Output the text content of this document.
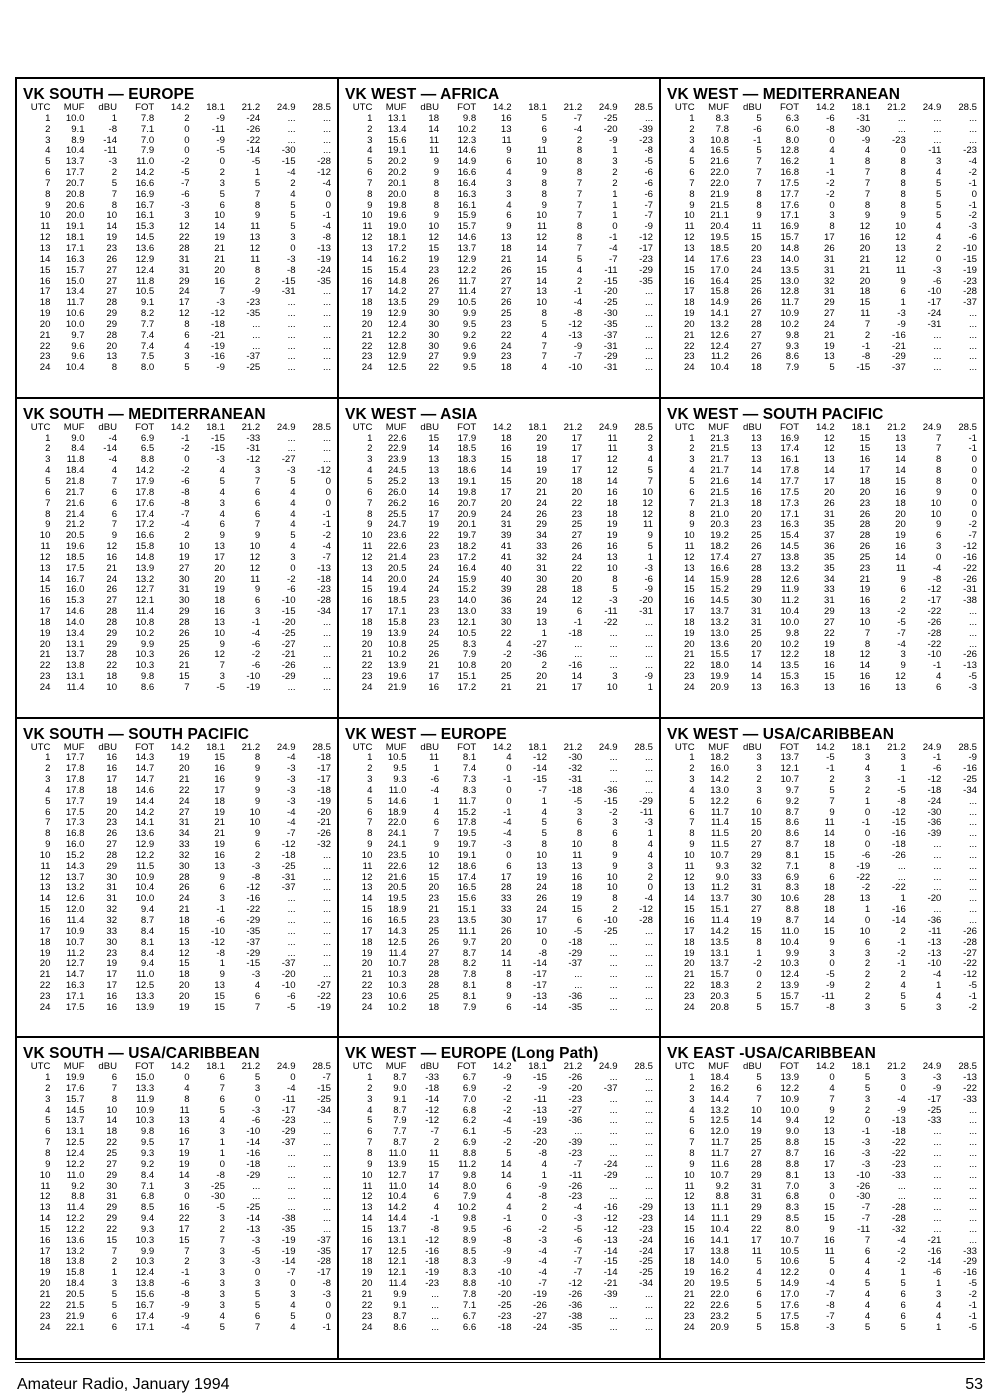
VK SOUTH — EUROPE
UTC	MUF	dBU	FOT	14.2	18.1	21.2	24.9	28.5
1	10.0	1	7.8	2	-9	-24	...	...
2	9.1	-8	7.1	0	-11	-26	...	...
3	8.9	-14	7.0	0	-9	-22	...	...
4	10.4	-11	7.9	0	-5	-14	-30	...
5	13.7	-3	11.0	-2	0	-5	-15	-28
6	17.7	2	14.2	-5	2	1	-4	-12
7	20.7	5	16.6	-7	3	5	2	-4
8	20.8	7	16.9	-6	5	7	4	0
9	20.6	8	16.7	-3	6	8	5	0
10	20.0	10	16.1	3	10	9	5	-1
11	19.1	14	15.3	12	14	11	5	-4
12	18.1	19	14.5	22	19	13	3	-8
13	17.1	23	13.6	28	21	12	0	-13
14	16.3	26	12.9	31	21	11	-3	-19
15	15.7	27	12.4	31	20	8	-8	-24
16	15.0	27	11.8	29	16	2	-15	-35
17	13.4	27	10.5	24	7	-9	-31	...
18	11.7	28	9.1	17	-3	-23	...	...
19	10.6	29	8.2	12	-12	-35	...	...
20	10.0	29	7.7	8	-18	...	...	...
21	9.7	28	7.4	6	-21	...	...	...
22	9.6	20	7.4	4	-19	...	...	...
23	9.6	13	7.5	3	-16	-37	...	...
24	10.4	8	8.0	5	-9	-25	...	...
VK WEST — AFRICA
UTC	MUF	dBU	FOT	14.2	18.1	21.2	24.9	28.5
1	13.1	18	9.8	16	5	-7	-25	...
2	13.4	14	10.2	13	6	-4	-20	-39
3	15.6	11	12.3	11	9	2	-9	-23
4	19.1	11	14.6	9	11	8	1	-8
5	20.2	9	14.9	6	10	8	3	-5
6	20.2	9	16.6	4	9	8	2	-6
7	20.1	8	16.4	3	8	7	2	-6
8	20.0	8	16.3	3	8	7	1	-6
9	19.8	8	16.1	4	9	7	1	-7
10	19.6	9	15.9	6	10	7	1	-7
11	19.0	10	15.7	9	11	8	0	-9
12	18.1	12	14.6	13	12	8	-1	-12
13	17.2	15	13.7	18	14	7	-4	-17
14	16.2	19	12.9	21	14	5	-7	-23
15	15.4	23	12.2	26	15	4	-11	-29
16	14.8	26	11.7	27	14	2	-15	-35
17	14.2	27	11.4	27	13	-1	-20	...
18	13.5	29	10.5	26	10	-4	-25	...
19	12.9	30	9.9	25	8	-8	-30	...
20	12.4	30	9.5	23	5	-12	-35	...
21	12.2	30	9.2	22	4	-13	-37	...
22	12.8	30	9.6	24	7	-9	-31	...
23	12.9	27	9.9	23	7	-7	-29	...
24	12.5	22	9.5	18	4	-10	-31	...
VK WEST — MEDITERRANEAN
UTC	MUF	dBU	FOT	14.2	18.1	21.2	24.9	28.5
1	8.3	5	6.3	-6	-31	...	...	...
2	7.8	-6	6.0	-8	-30	...	...	...
3	10.8	-1	8.0	0	-9	-23	...	...
4	16.5	5	12.8	4	4	0	-11	-23
5	21.6	7	16.2	1	8	8	3	-4
6	22.0	7	16.8	-1	7	8	4	-2
7	22.0	7	17.5	-2	7	8	5	-1
8	21.9	8	17.7	-2	7	8	5	0
9	21.5	8	17.6	0	8	8	5	-1
10	21.1	9	17.1	3	9	9	5	-2
11	20.4	11	16.9	8	12	10	4	-3
12	19.5	15	15.7	17	16	12	4	-6
13	18.5	20	14.8	26	20	13	2	-10
14	17.6	23	14.0	31	21	12	0	-15
15	17.0	24	13.5	31	21	11	-3	-19
16	16.4	25	13.0	32	20	9	-6	-23
17	15.8	26	12.8	31	18	6	-10	-28
18	14.9	26	11.7	29	15	1	-17	-37
19	14.1	27	10.9	27	11	-3	-24	...
20	13.2	28	10.2	24	7	-9	-31	...
21	12.6	27	9.8	21	2	-16	...	...
22	12.4	27	9.3	19	-1	-21	...	...
23	11.2	26	8.6	13	-8	-29	...	...
24	10.4	18	7.9	5	-15	-37	...	...
VK SOUTH — MEDITERRANEAN
UTC	MUF	dBU	FOT	14.2	18.1	21.2	24.9	28.5
1	9.0	-4	6.9	-1	-15	-33	...	...
2	8.4	-14	6.5	-2	-15	-31	...	...
3	11.8	-4	8.8	0	-3	-12	-27	...
4	18.4	4	14.2	-2	4	3	-3	-12
5	21.8	7	17.9	-6	5	7	5	0
6	21.7	6	17.8	-8	4	6	4	0
7	21.6	6	17.6	-8	3	6	4	0
8	21.4	6	17.4	-7	4	6	4	-1
9	21.2	7	17.2	-4	6	7	4	-1
10	20.5	9	16.6	2	9	9	5	-2
11	19.6	12	15.8	10	13	10	4	-4
12	18.5	16	14.8	19	17	12	3	-7
13	17.5	21	13.9	27	20	12	0	-13
14	16.7	24	13.2	30	20	11	-2	-18
15	16.0	26	12.7	31	19	9	-6	-23
16	15.3	27	12.1	30	18	6	-10	-28
17	14.6	28	11.4	29	16	3	-15	-34
18	14.0	28	10.8	28	13	-1	-20	...
19	13.4	29	10.2	26	10	-4	-25	...
20	13.1	29	9.9	25	9	-6	-27	...
21	13.7	28	10.3	26	12	-2	-21	...
22	13.8	22	10.3	21	7	-6	-26	...
23	13.1	18	9.8	15	3	-10	-29	...
24	11.4	10	8.6	7	-5	-19	...	...
VK WEST — ASIA
UTC	MUF	dBU	FOT	14.2	18.1	21.2	24.9	28.5
1	22.6	15	17.9	18	20	17	11	2
2	22.9	14	18.5	16	19	17	11	3
3	23.9	13	18.3	15	18	17	12	4
4	24.5	13	18.6	14	19	17	12	5
5	25.2	13	19.1	15	20	18	14	7
6	26.0	14	19.8	17	21	20	16	10
7	26.2	16	20.7	20	24	22	18	12
8	25.5	17	20.9	24	26	23	18	12
9	24.7	19	20.1	31	29	25	19	11
10	23.6	22	19.7	39	34	27	19	9
11	22.6	23	18.2	41	33	26	16	5
12	21.4	23	17.2	41	32	24	13	1
13	20.5	24	16.4	40	31	22	10	-3
14	20.0	24	15.9	40	30	20	8	-6
15	19.4	24	15.2	39	28	18	5	-9
16	18.5	23	14.0	36	24	12	-3	-20
17	17.1	23	13.0	33	19	6	-11	-31
18	15.8	23	12.1	30	13	-1	-22	...
19	13.9	24	10.5	22	1	-18	...	...
20	10.8	25	8.3	4	-27	...	...	...
21	10.2	26	7.9	-2	-36	...	...	...
22	13.9	21	10.8	20	2	-16	...	...
23	19.6	17	15.1	25	20	14	3	-9
24	21.9	16	17.2	21	21	17	10	1
VK WEST — SOUTH PACIFIC
UTC	MUF	dBU	FOT	14.2	18.1	21.2	24.9	28.5
1	21.3	13	16.9	12	15	13	7	-1
2	21.5	13	17.4	12	15	13	7	-1
3	21.7	13	16.1	13	16	14	8	0
4	21.7	14	17.8	14	17	14	8	0
5	21.6	14	17.7	17	18	15	8	0
6	21.5	16	17.5	20	20	16	9	0
7	21.3	18	17.3	26	23	18	10	0
8	21.0	20	17.1	31	26	20	10	0
9	20.3	23	16.3	35	28	20	9	-2
10	19.2	25	15.4	37	28	19	6	-7
11	18.2	26	14.5	36	26	16	3	-12
12	17.4	27	13.8	35	25	14	0	-16
13	16.6	28	13.2	35	23	11	-4	-22
14	15.9	28	12.6	34	21	9	-8	-26
15	15.2	29	11.9	33	19	6	-12	-31
16	14.5	30	11.2	31	16	2	-17	-38
17	13.7	31	10.4	29	13	-2	-22	...
18	13.2	31	10.0	27	10	-5	-26	...
19	13.0	25	9.8	22	7	-7	-28	...
20	13.6	20	10.2	19	8	-4	-22	...
21	15.5	17	12.2	18	12	3	-10	-26
22	18.0	14	13.5	16	14	9	-1	-13
23	19.9	14	15.3	15	16	12	4	-5
24	20.9	13	16.3	13	16	13	6	-3
VK SOUTH — SOUTH PACIFIC
UTC	MUF	dBU	FOT	14.2	18.1	21.2	24.9	28.5
1	17.7	16	14.3	19	15	8	-4	-18
2	17.8	16	14.7	20	16	9	-3	-17
3	17.8	17	14.7	21	16	9	-3	-17
4	17.8	18	14.6	22	17	9	-3	-18
5	17.7	19	14.4	24	18	9	-3	-19
6	17.5	20	14.2	27	19	10	-4	-20
7	17.3	23	14.1	31	21	10	-4	-21
8	16.8	26	13.6	34	21	9	-7	-26
9	16.0	27	12.9	33	19	6	-12	-32
10	15.2	28	12.2	32	16	2	-18	...
11	14.3	29	11.5	30	13	-3	-25	...
12	13.7	30	10.9	28	9	-8	-31	...
13	13.2	31	10.4	26	6	-12	-37	...
14	12.6	31	10.0	24	3	-16	...	...
15	12.0	32	9.4	21	-1	-22	...	...
16	11.4	32	8.7	18	-6	-29	...	...
17	10.9	33	8.4	15	-10	-35	...	...
18	10.7	30	8.1	13	-12	-37	...	...
19	11.2	23	8.4	12	-8	-29	...	...
20	12.7	19	9.4	15	1	-15	-37	...
21	14.7	17	11.0	18	9	-3	-20	...
22	16.3	17	12.5	20	13	4	-10	-27
23	17.1	16	13.3	20	15	6	-6	-22
24	17.5	16	13.9	19	15	7	-5	-19
VK WEST — EUROPE
UTC	MUF	dBU	FOT	14.2	18.1	21.2	24.9	28.5
1	10.5	11	8.1	4	-12	-30	...	...
2	9.5	1	7.4	0	-14	-32	...	...
3	9.3	-6	7.3	-1	-15	-31	...	...
4	11.0	-4	8.3	0	-7	-18	-36	...
5	14.6	1	11.7	0	1	-5	-15	-29
6	18.9	4	15.2	-1	4	3	-2	-11
7	22.0	6	17.8	-4	5	6	3	-3
8	24.1	7	19.5	-4	5	8	6	1
9	24.1	9	19.7	-3	8	10	8	4
10	23.5	10	19.1	0	10	11	9	4
11	22.6	12	18.6	6	13	13	9	3
12	21.6	15	17.4	17	19	16	10	2
13	20.5	20	16.5	28	24	18	10	0
14	19.5	23	15.6	33	26	19	8	-4
15	18.9	21	15.1	33	24	15	2	-12
16	16.5	23	13.5	30	17	6	-10	-28
17	14.3	25	11.1	26	10	-5	-25	...
18	12.5	26	9.7	20	0	-18	...	...
19	11.4	27	8.7	14	-8	-29	...	...
20	10.7	28	8.2	11	-14	-37	...	...
21	10.3	28	7.8	8	-17	...	...	...
22	10.3	28	8.1	8	-17	...	...	...
23	10.6	25	8.1	9	-13	-36	...	...
24	10.2	18	7.9	6	-14	-35	...	...
VK WEST — USA/CARIBBEAN
UTC	MUF	dBU	FOT	14.2	18.1	21.2	24.9	28.5
1	18.2	3	13.7	-5	3	3	-1	-9
2	16.0	3	12.1	-1	4	1	-6	-16
3	14.2	2	10.7	2	3	-1	-12	-25
4	13.0	3	9.7	5	2	-5	-18	-34
5	12.2	6	9.2	7	1	-8	-24	...
6	11.7	10	8.7	9	0	-12	-30	...
7	11.4	15	8.6	11	-1	-15	-36	...
8	11.5	20	8.6	14	0	-16	-39	...
9	11.5	27	8.7	18	0	-18	...	...
10	10.7	29	8.1	15	-6	-26	...	...
11	9.3	32	7.1	8	-19	...	...	...
12	9.0	33	6.9	6	-22	...	...	...
13	11.2	31	8.3	18	-2	-22	...	...
14	13.7	30	10.6	28	13	1	-20	...
15	15.1	27	8.8	18	1	-16	...	...
16	11.4	19	8.7	14	0	-14	-36	...
17	14.2	15	11.0	15	10	2	-11	-26
18	13.5	8	10.4	9	6	-1	-13	-28
19	13.1	1	9.9	3	3	-2	-13	-27
20	13.7	-2	10.3	0	2	-1	-10	-22
21	15.7	0	12.4	-5	2	2	-4	-12
22	18.3	2	13.9	-9	2	4	1	-5
23	20.3	5	15.7	-11	2	5	4	-1
24	20.8	5	15.7	-8	3	5	3	-2
VK SOUTH — USA/CARIBBEAN
UTC	MUF	dBU	FOT	14.2	18.1	21.2	24.9	28.5
1	19.9	6	15.0	0	6	5	0	-7
2	17.6	7	13.3	4	7	3	-4	-15
3	15.7	8	11.9	8	6	0	-11	-25
4	14.5	10	10.9	11	5	-3	-17	-34
5	13.7	14	10.3	13	4	-6	-23	...
6	13.1	18	9.8	16	3	-10	-29	...
7	12.5	22	9.5	17	1	-14	-37	...
8	12.4	25	9.3	19	1	-16	...	...
9	12.2	27	9.2	19	0	-18	...	...
10	11.0	29	8.4	14	-8	-29	...	...
11	9.2	30	7.1	3	-25	...	...	...
12	8.8	31	6.8	0	-30	...	...	...
13	11.4	29	8.5	16	-5	-25	...	...
14	12.2	29	9.4	22	3	-14	-38	...
15	12.2	22	9.3	17	2	-13	-35	...
16	13.6	15	10.3	15	7	-3	-19	-37
17	13.2	7	9.9	7	3	-5	-19	-35
18	13.8	2	10.3	2	3	-3	-14	-28
19	15.8	1	12.4	-1	3	0	-7	-17
20	18.4	3	13.8	-6	3	3	0	-8
21	20.5	5	15.6	-8	3	5	3	-3
22	21.5	5	16.7	-9	3	5	4	0
23	21.9	6	17.4	-9	4	6	5	0
24	22.1	6	17.1	-4	5	7	4	-1
VK WEST — EUROPE (Long Path)
UTC	MUF	dBU	FOT	14.2	18.1	21.2	24.9	28.5
1	8.7	-33	6.7	-9	-15	-26	...	...
2	9.0	-18	6.9	-2	-9	-20	-37	...
3	9.1	-14	7.0	-2	-11	-23	...	...
4	8.7	-12	6.8	-2	-13	-27	...	...
5	7.9	-12	6.2	-4	-19	-36	...	...
6	7.7	-7	6.1	-5	-23	...	...	...
7	8.7	2	6.9	-2	-20	-39	...	...
8	11.0	11	8.8	5	-8	-23	...	...
9	13.9	15	11.2	14	4	-7	-24	...
10	12.7	17	9.8	14	1	-11	-29	...
11	11.0	14	8.0	6	-9	-26	...	...
12	10.4	6	7.9	4	-8	-23	...	...
13	14.2	4	10.2	4	2	-4	-16	-29
14	14.4	-1	9.8	-1	0	-3	-12	-23
15	13.7	-8	9.5	-6	-2	-5	-12	-23
16	13.1	-12	8.9	-8	-3	-6	-13	-24
17	12.5	-16	8.5	-9	-4	-7	-14	-24
18	12.1	-18	8.3	-9	-4	-7	-15	-25
19	12.1	-19	8.3	-10	-4	-7	-14	-25
20	11.4	-23	8.8	-10	-7	-12	-21	-34
21	9.9	...	7.8	-20	-19	-26	-39	...
22	9.1	...	7.1	-25	-26	-36	...	...
23	8.7	...	6.7	-23	-27	-38	...	...
24	8.6	...	6.6	-18	-24	-35	...	...
VK EAST -USA/CARIBBEAN
UTC	MUF	dBU	FOT	14.2	18.1	21.2	24.9	28.5
1	18.4	5	13.9	0	5	3	-3	-13
2	16.2	6	12.2	4	5	0	-9	-22
3	14.4	7	10.9	7	3	-4	-17	-33
4	13.2	10	10.0	9	2	-9	-25	...
5	12.5	14	9.4	12	0	-13	-33	...
6	12.0	19	9.0	13	-1	-18	...	...
7	11.7	25	8.8	15	-3	-22	...	...
8	11.7	27	8.7	16	-3	-22	...	...
9	11.6	28	8.8	17	-3	-23	...	...
10	10.7	29	8.1	13	-10	-33	...	...
11	9.2	31	7.0	3	-26	...	...	...
12	8.8	31	6.8	0	-30	...	...	...
13	11.1	29	8.3	15	-7	-28	...	...
14	11.1	29	8.5	15	-7	-28	...	...
15	10.4	22	8.0	9	-11	-32	...	...
16	14.1	17	10.7	16	7	-4	-21	...
17	13.8	11	10.5	11	6	-2	-16	-33
18	14.0	5	10.6	5	4	-2	-14	-29
19	16.2	4	12.2	0	4	1	-6	-16
20	19.5	5	14.9	-4	5	5	1	-5
21	22.0	6	17.0	-7	4	6	3	-2
22	22.6	5	17.6	-8	4	6	4	-1
23	23.2	5	17.5	-7	4	6	4	-1
24	20.9	5	15.8	-3	5	5	1	-5
Amateur Radio, January 1994	53
